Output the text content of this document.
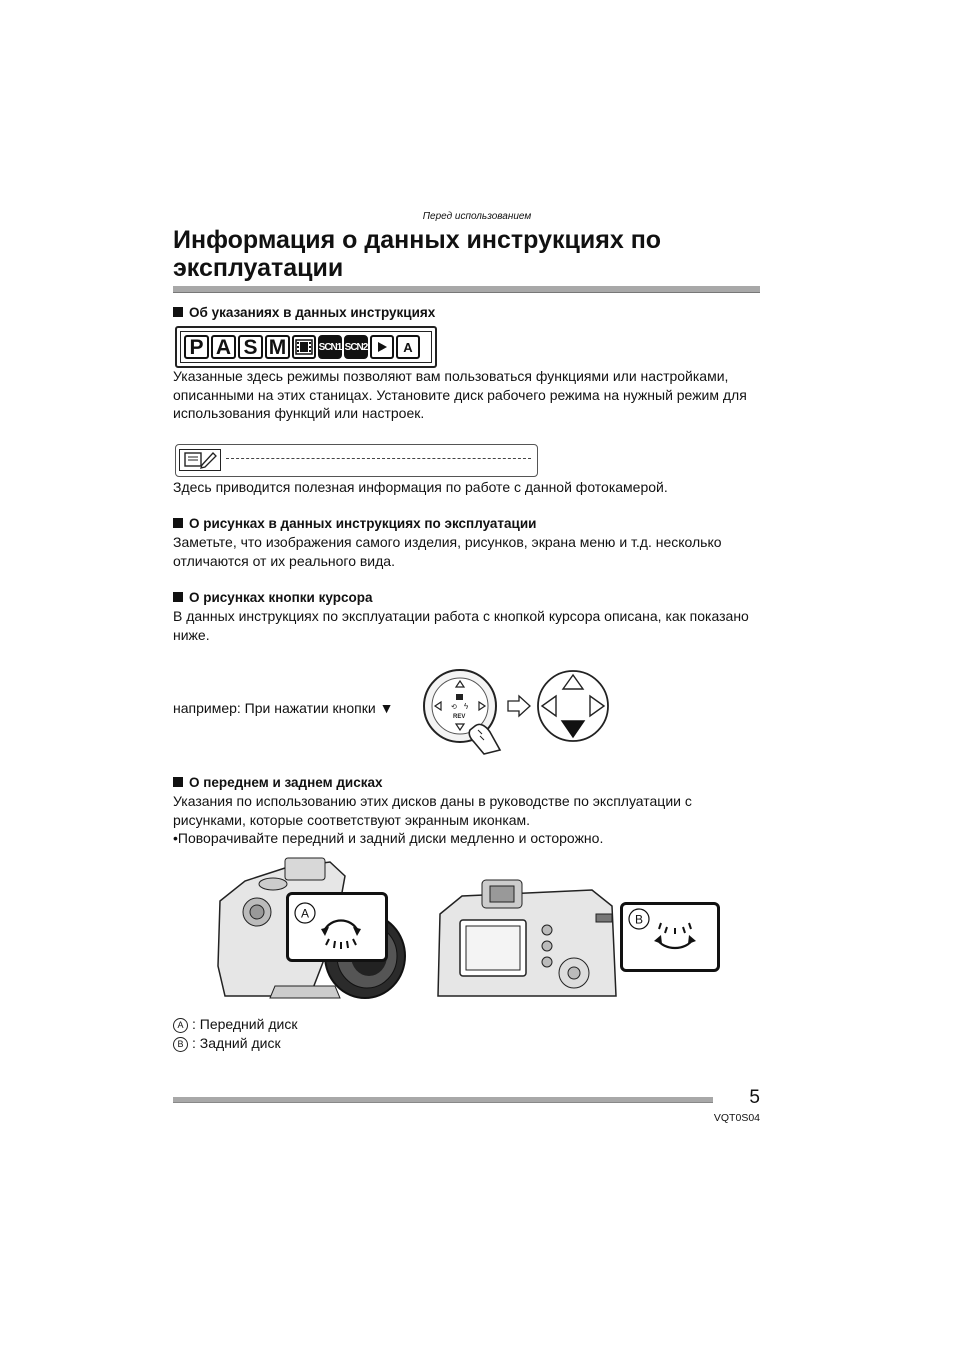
Перед использованием
Информация о данных инструкциях по
эксплуатации
Об указаниях в данных инструкциях
P A S M	SCN1 SCN2	A
Указанные здесь режимы позволяют вам пользоваться функциями или настройками, описанными на этих станицах. Установите диск рабочего режима на нужный режим для использования функций или настроек.
Здесь приводится полезная информация по работе с данной фотокамерой.
О рисунках в данных инструкциях по эксплуатации
Заметьте, что изображения самого изделия, рисунков, экрана меню и т.д. несколько отличаются от их реального вида.
О рисунках кнопки курсора
В данных инструкциях по эксплуатации работа с кнопкой курсора описана, как показано ниже.
например: При нажатии кнопки ▼	⟲ ϟ
REV
О переднем и заднем дисках
Указания по использованию этих дисков даны в руководстве по эксплуатации с рисунками, которые соответствуют экранным иконкам.
•Поворачивайте передний и задний диски медленно и осторожно.
A	B
A : Передний диск
B : Задний диск
5
VQT0S04
